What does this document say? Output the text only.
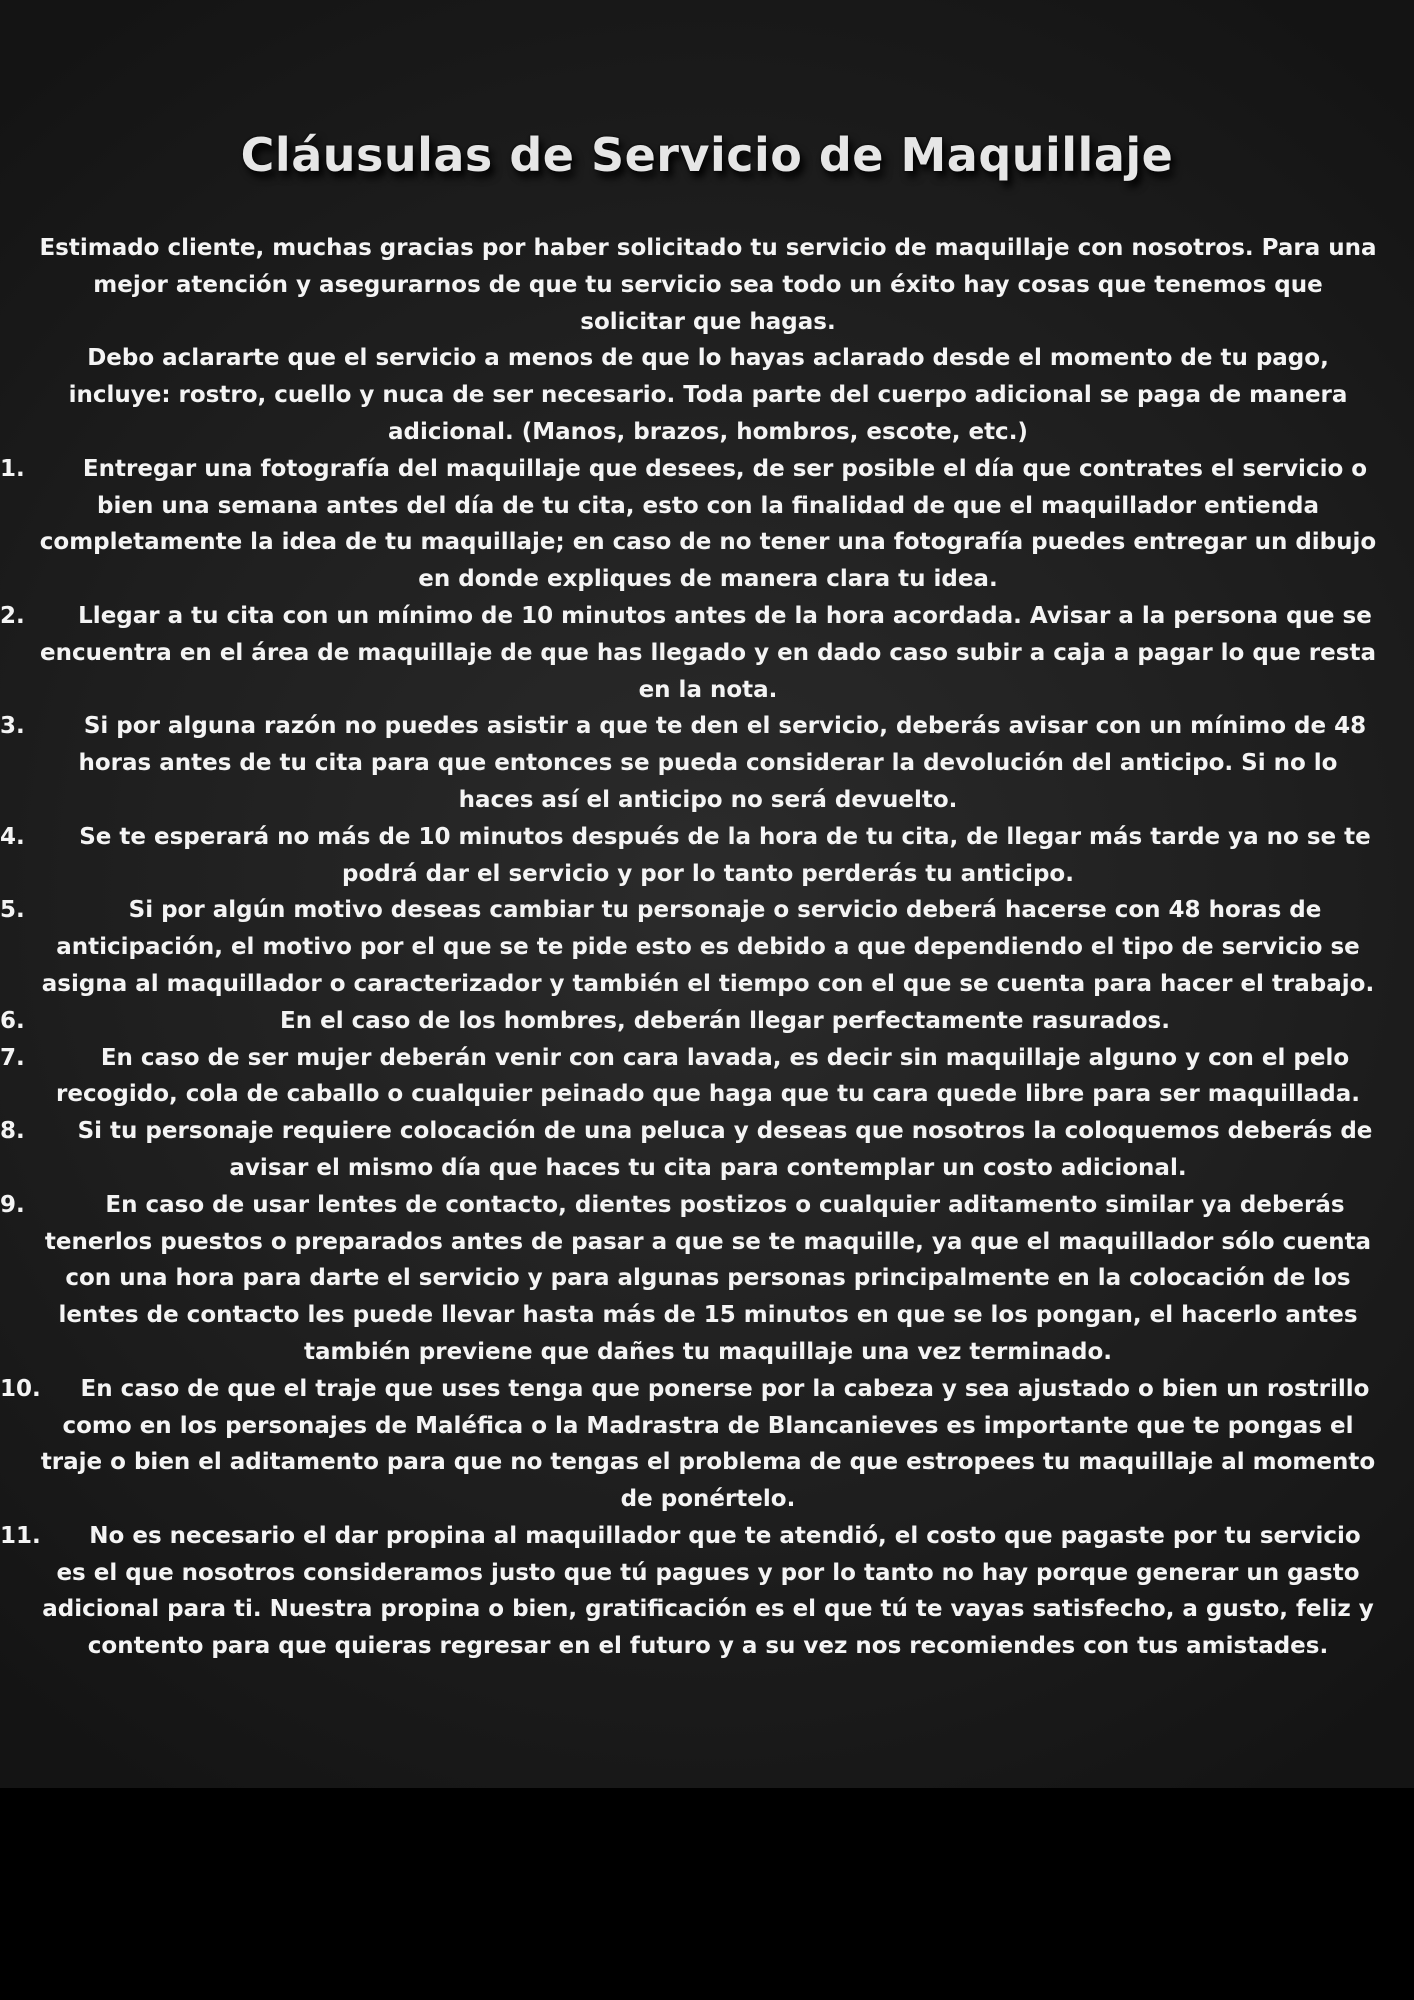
Cláusulas de Servicio de Maquillaje

Estimado cliente, muchas gracias por haber solicitado tu servicio de maquillaje con nosotros. Para una mejor atención y asegurarnos de que tu servicio sea todo un éxito hay cosas que tenemos que solicitar que hagas.

Debo aclararte que el servicio a menos de que lo hayas aclarado desde el momento de tu pago, incluye: rostro, cuello y nuca de ser necesario. Toda parte del cuerpo adicional se paga de manera adicional. (Manos, brazos, hombros, escote, etc.)

1.	Entregar una fotografía del maquillaje que desees, de ser posible el día que contrates el servicio o bien una semana antes del día de tu cita, esto con la finalidad de que el maquillador entienda completamente la idea de tu maquillaje; en caso de no tener una fotografía puedes entregar un dibujo en donde expliques de manera clara tu idea.

2.	Llegar a tu cita con un mínimo de 10 minutos antes de la hora acordada. Avisar a la persona que se encuentra en el área de maquillaje de que has llegado y en dado caso subir a caja a pagar lo que resta en la nota.

3.	Si por alguna razón no puedes asistir a que te den el servicio, deberás avisar con un mínimo de 48 horas antes de tu cita para que entonces se pueda considerar la devolución del anticipo. Si no lo haces así el anticipo no será devuelto.

4.	Se te esperará no más de 10 minutos después de la hora de tu cita, de llegar más tarde ya no se te podrá dar el servicio y por lo tanto perderás tu anticipo.

5.	Si por algún motivo deseas cambiar tu personaje o servicio deberá hacerse con 48 horas de anticipación, el motivo por el que se te pide esto es debido a que dependiendo el tipo de servicio se asigna al maquillador o caracterizador y también el tiempo con el que se cuenta para hacer el trabajo.

6.	En el caso de los hombres, deberán llegar perfectamente rasurados.

7.	En caso de ser mujer deberán venir con cara lavada, es decir sin maquillaje alguno y con el pelo recogido, cola de caballo o cualquier peinado que haga que tu cara quede libre para ser maquillada.

8.	Si tu personaje requiere colocación de una peluca y deseas que nosotros la coloquemos deberás de avisar el mismo día que haces tu cita para contemplar un costo adicional.

9.	En caso de usar lentes de contacto, dientes postizos o cualquier aditamento similar ya deberás tenerlos puestos o preparados antes de pasar a que se te maquille, ya que el maquillador sólo cuenta con una hora para darte el servicio y para algunas personas principalmente en la colocación de los lentes de contacto les puede llevar hasta más de 15 minutos en que se los pongan, el hacerlo antes también previene que dañes tu maquillaje una vez terminado.

10.	En caso de que el traje que uses tenga que ponerse por la cabeza y sea ajustado o bien un rostrillo como en los personajes de Maléfica o la Madrastra de Blancanieves es importante que te pongas el traje o bien el aditamento para que no tengas el problema de que estropees tu maquillaje al momento de ponértelo.

11.	No es necesario el dar propina al maquillador que te atendió, el costo que pagaste por tu servicio es el que nosotros consideramos justo que tú pagues y por lo tanto no hay porque generar un gasto adicional para ti. Nuestra propina o bien, gratificación es el que tú te vayas satisfecho, a gusto, feliz y contento para que quieras regresar en el futuro y a su vez nos recomiendes con tus amistades.
